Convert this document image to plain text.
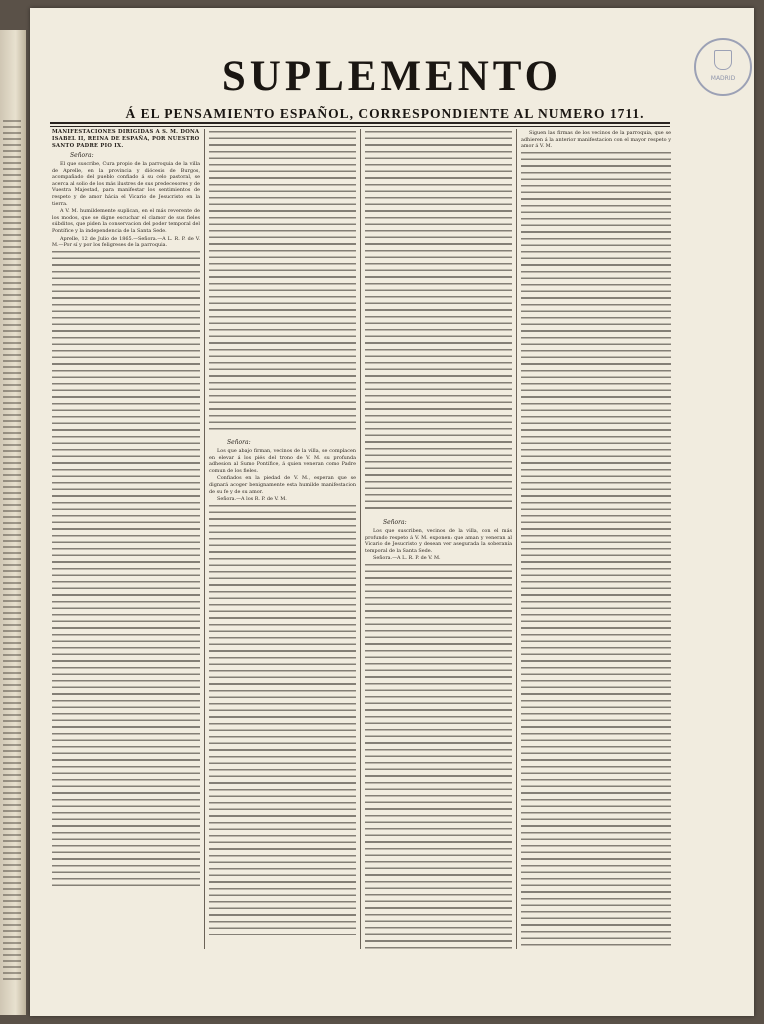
MADRID
SUPLEMENTO
Á EL PENSAMIENTO ESPAÑOL, CORRESPONDIENTE AL NUMERO 1711.
MANIFESTACIONES DIRIGIDAS A S. M. DOÑA ISABEL II, REINA DE ESPAÑA, POR NUESTRO SANTO PADRE PIO IX.
Señora:

El que suscribe, Cura propio de la parroquia de la villa de Aprelle, en la provincia y diócesis de Burgos, acompañado del pueblo confiado á su celo pastoral, se acerca al solio de los más ilustres de sus predecesores y de Vuestra Majestad, para manifestar los sentimientos de respeto y de amor hácia el Vicario de Jesucristo en la tierra.

A V. M. humildemente suplican, en el más reverente de los modos, que se digne escuchar el clamor de sus fieles súbditos, que piden la conservacion del poder temporal del Pontífice y la independencia de la Santa Sede.

Aprelle, 12 de Julio de 1865.—Señora.—A L. R. P. de V. M.—Por sí y por los feligreses de la parroquia.

Señora:

Los que abajo firman, vecinos de la villa, se complacen en elevar á los piés del trono de V. M. su profunda adhesion al Sumo Pontífice, á quien veneran como Padre comun de los fieles.

Confiados en la piedad de V. M., esperan que se dignará acoger benignamente esta humilde manifestacion de su fe y de su amor.

Señora.—A los R. P. de V. M.

Señora:

Los que suscriben, vecinos de la villa, con el más profundo respeto á V. M. exponen: que aman y veneran al Vicario de Jesucristo y desean ver asegurada la soberanía temporal de la Santa Sede.

Señora.—A L. R. P. de V. M.

Siguen las firmas de los vecinos de la parroquia, que se adhieren á la anterior manifestacion con el mayor respeto y amor á V. M.
